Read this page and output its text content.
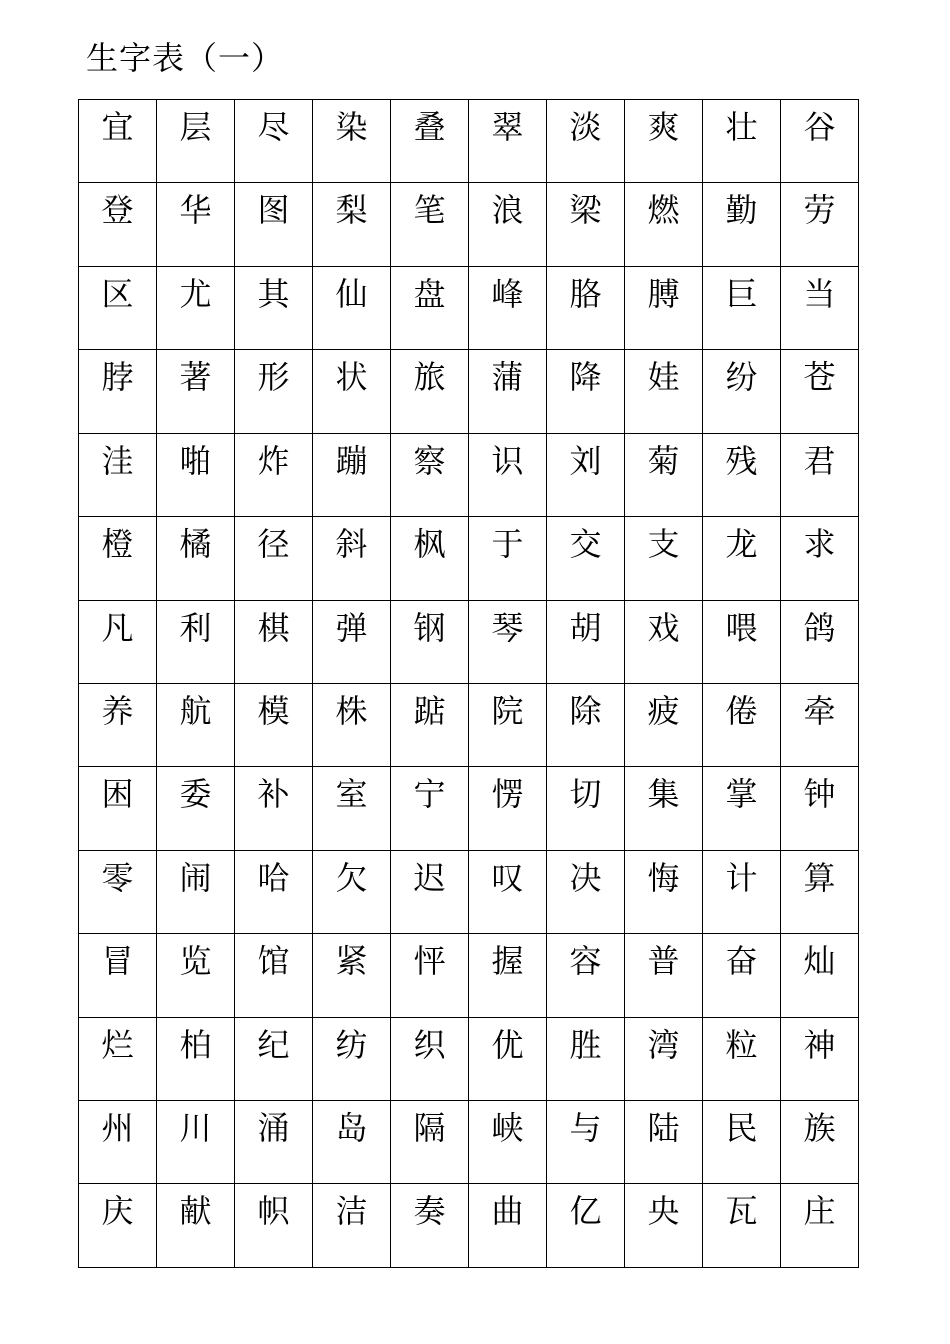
生字表（一）
宜	层	尽	染	叠	翠	淡	爽	壮	谷

登	华	图	梨	笔	浪	梁	燃	勤	劳

区	尤	其	仙	盘	峰	胳	膊	巨	当

脖	著	形	状	旅	蒲	降	娃	纷	苍

洼	啪	炸	蹦	察	识	刘	菊	残	君

橙	橘	径	斜	枫	于	交	支	龙	求

凡	利	棋	弹	钢	琴	胡	戏	喂	鸽

养	航	模	株	踮	院	除	疲	倦	牵

困	委	补	室	宁	愣	切	集	掌	钟

零	闹	哈	欠	迟	叹	决	悔	计	算

冒	览	馆	紧	怦	握	容	普	奋	灿

烂	柏	纪	纺	织	优	胜	湾	粒	神

州	川	涌	岛	隔	峡	与	陆	民	族

庆	献	帜	洁	奏	曲	亿	央	瓦	庄
